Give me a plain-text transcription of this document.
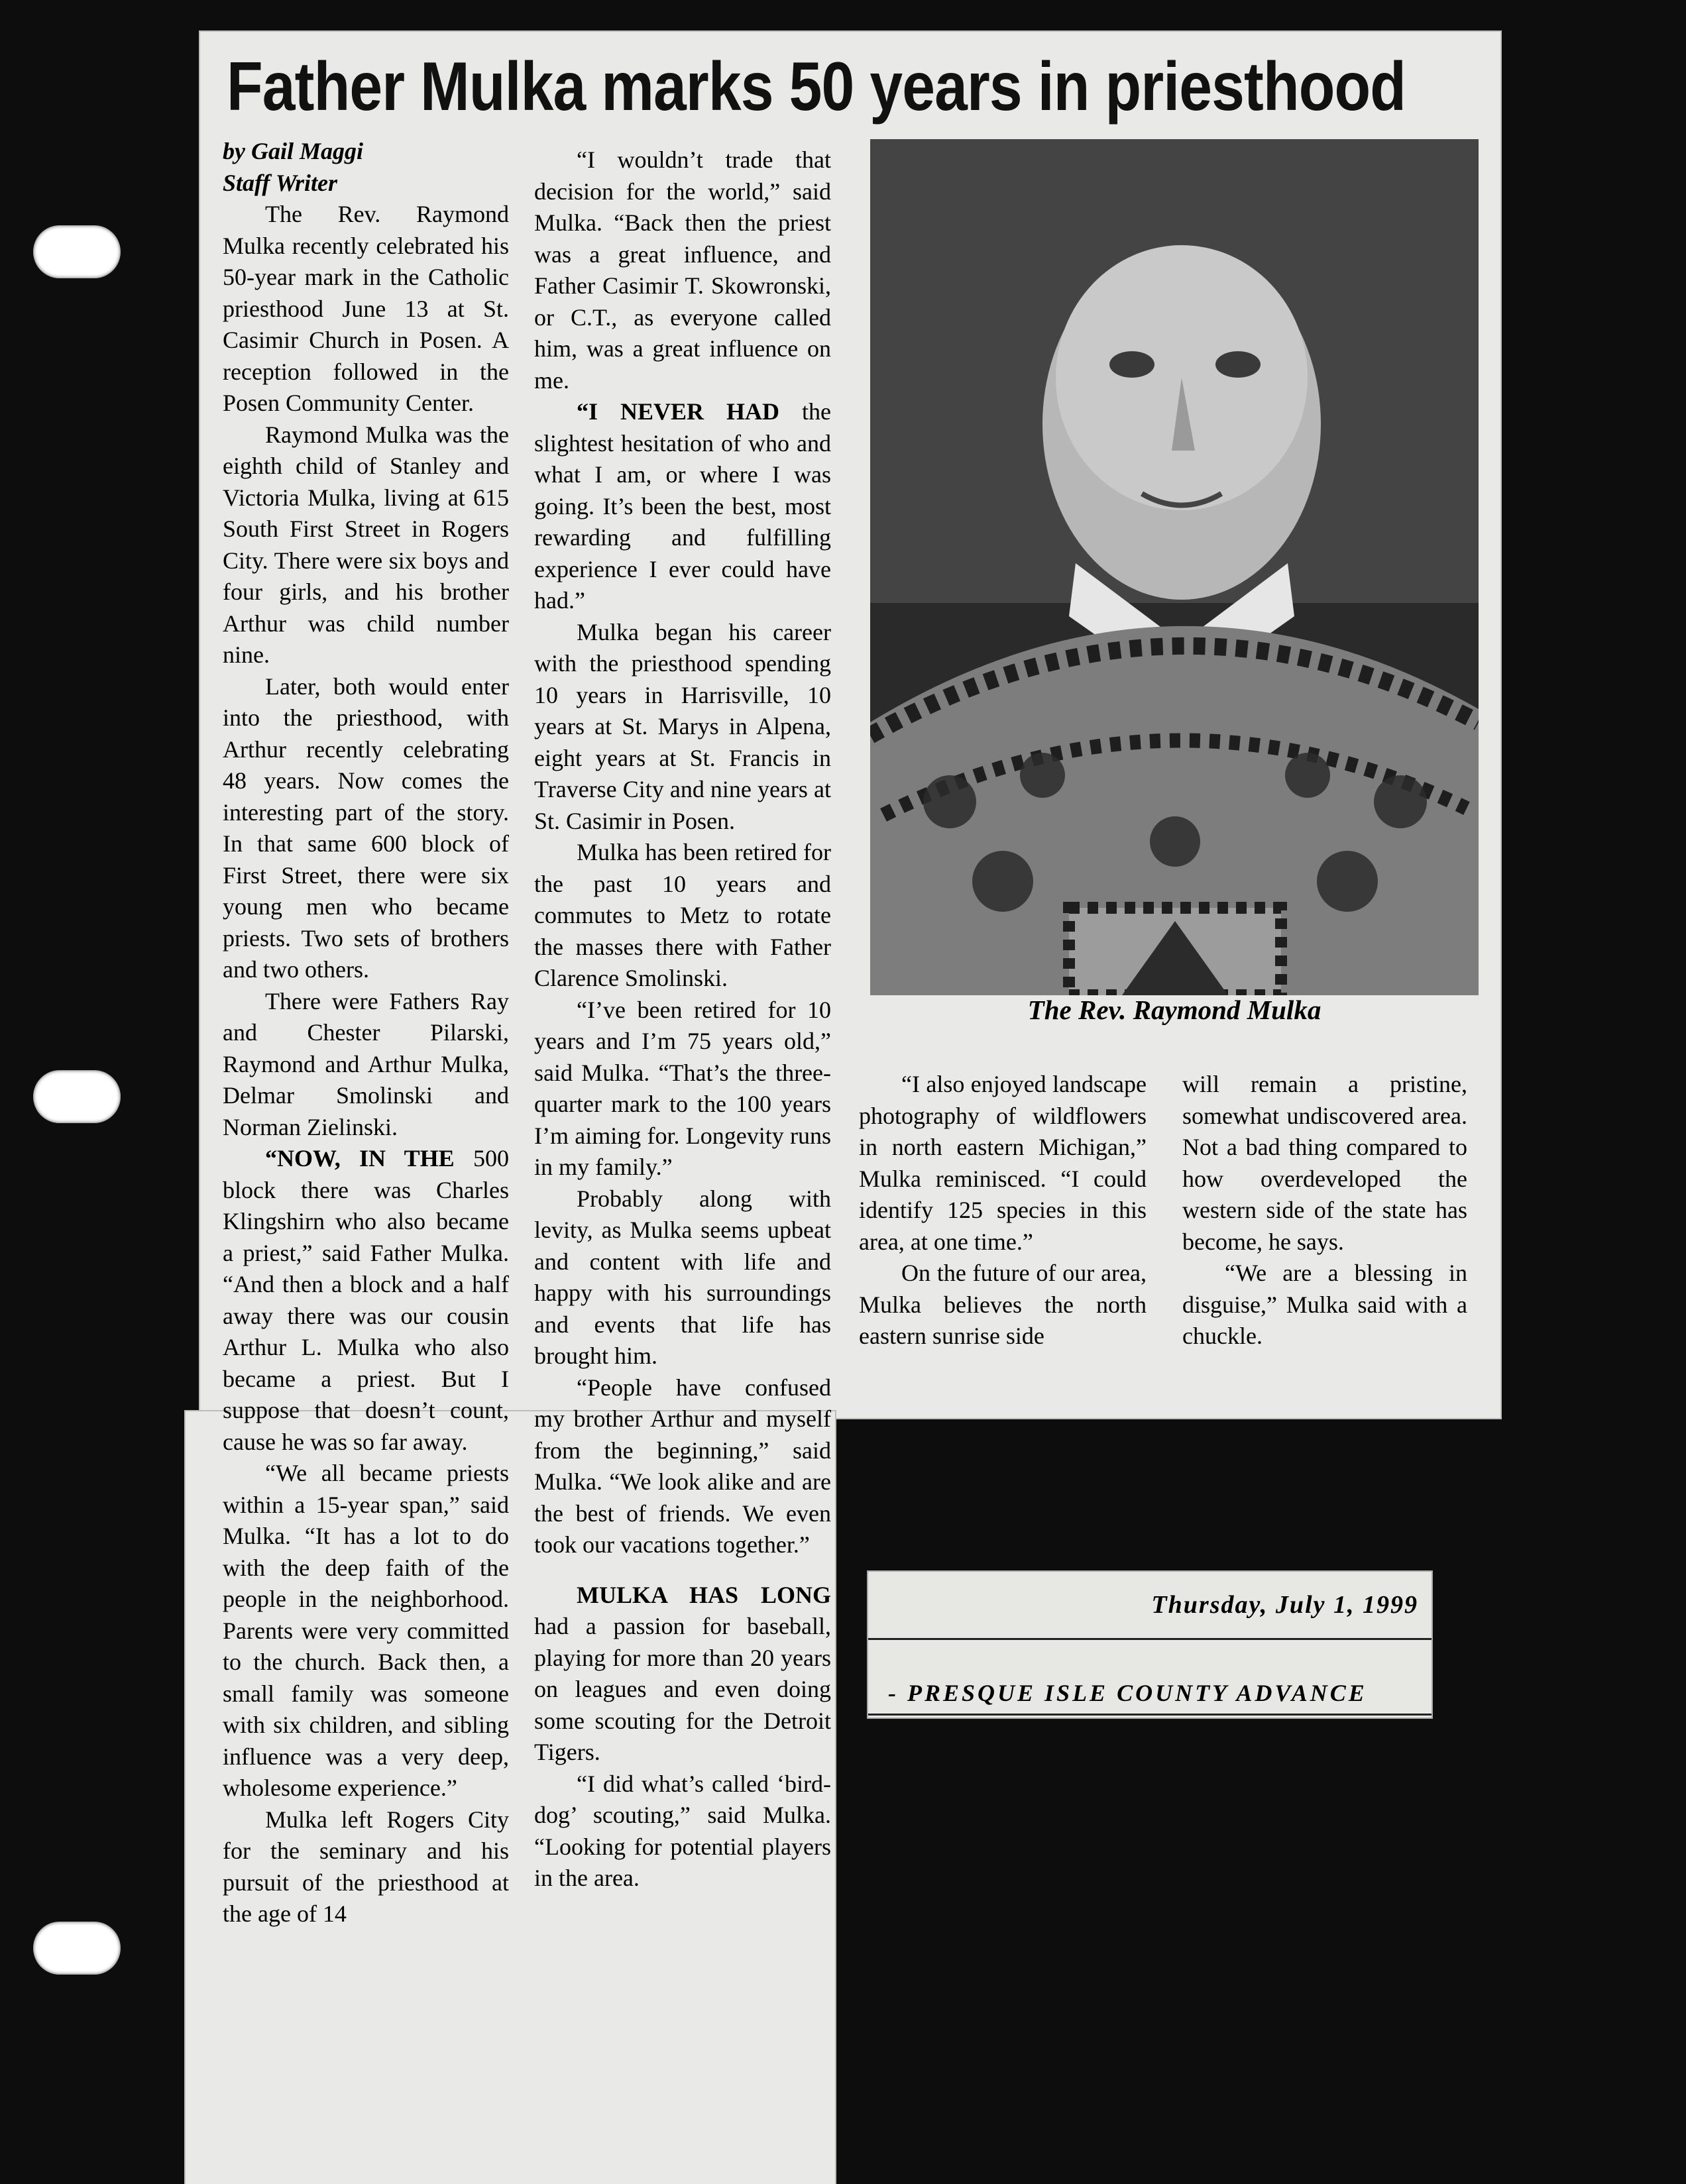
Father Mulka marks 50 years in priesthood

by Gail Maggi

Staff Writer

The Rev. Raymond Mulka recently celebrated his 50-year mark in the Catholic priesthood June 13 at St. Casimir Church in Posen. A reception followed in the Posen Community Center.

Raymond Mulka was the eighth child of Stanley and Victoria Mulka, living at 615 South First Street in Rogers City. There were six boys and four girls, and his brother Arthur was child number nine.

Later, both would enter into the priesthood, with Arthur recently celebrating 48 years. Now comes the interesting part of the story. In that same 600 block of First Street, there were six young men who became priests. Two sets of brothers and two others.

There were Fathers Ray and Chester Pilarski, Raymond and Arthur Mulka, Delmar Smolinski and Norman Zielinski.

“NOW, IN THE 500 block there was Charles Klingshirn who also became a priest,” said Father Mulka. “And then a block and a half away there was our cousin Arthur L. Mulka who also became a priest. But I suppose that doesn’t count, cause he was so far away.

“We all became priests within a 15-year span,” said Mulka. “It has a lot to do with the deep faith of the people in the neighborhood. Parents were very committed to the church. Back then, a small family was someone with six children, and sibling influence was a very deep, wholesome experience.”

Mulka left Rogers City for the seminary and his pursuit of the priesthood at the age of 14

“I wouldn’t trade that decision for the world,” said Mulka. “Back then the priest was a great influence, and Father Casimir T. Skowronski, or C.T., as everyone called him, was a great influence on me.

“I NEVER HAD the slightest hesitation of who and what I am, or where I was going. It’s been the best, most rewarding and fulfilling experience I ever could have had.”

Mulka began his career with the priesthood spending 10 years in Harrisville, 10 years at St. Marys in Alpena, eight years at St. Francis in Traverse City and nine years at St. Casimir in Posen.

Mulka has been retired for the past 10 years and commutes to Metz to rotate the masses there with Father Clarence Smolinski.

“I’ve been retired for 10 years and I’m 75 years old,” said Mulka. “That’s the three-quarter mark to the 100 years I’m aiming for. Longevity runs in my family.”

Probably along with levity, as Mulka seems upbeat and content with life and happy with his surroundings and events that life has brought him.

“People have confused my brother Arthur and myself from the beginning,” said Mulka. “We look alike and are the best of friends. We even took our vacations together.”

MULKA HAS LONG had a passion for baseball, playing for more than 20 years on leagues and even doing some scouting for the Detroit Tigers.

“I did what’s called ‘bird-dog’ scouting,” said Mulka. “Looking for potential players in the area.

The Rev. Raymond Mulka

“I also enjoyed landscape photography of wildflowers in north eastern Michigan,” Mulka reminisced. “I could identify 125 species in this area, at one time.”

On the future of our area, Mulka believes the north eastern sunrise side

will remain a pristine, somewhat undiscovered area. Not a bad thing compared to how overdeveloped the western side of the state has become, he says.

“We are a blessing in disguise,” Mulka said with a chuckle.

Thursday, July 1, 1999
- PRESQUE ISLE COUNTY ADVANCE
